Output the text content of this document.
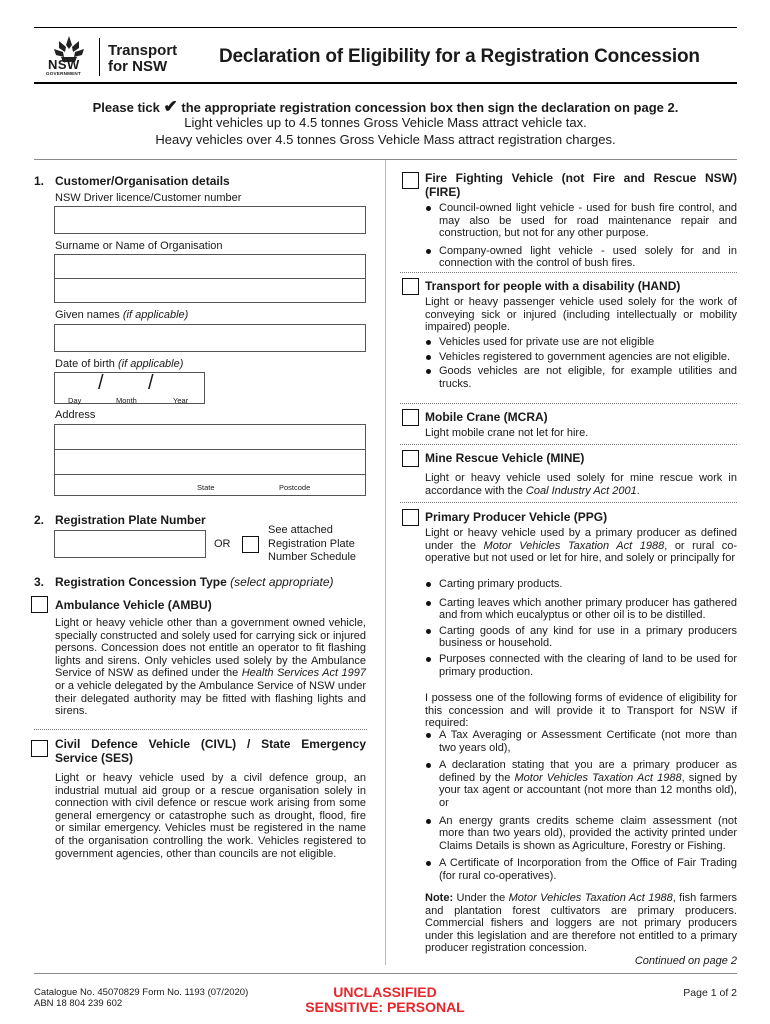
NSW
GOVERNMENT
Transport
for NSW	Declaration of Eligibility for a Registration Concession
Please tick ✔ the appropriate registration concession box then sign the declaration on page 2.
Light vehicles up to 4.5 tonnes Gross Vehicle Mass attract vehicle tax.
Heavy vehicles over 4.5 tonnes Gross Vehicle Mass attract registration charges.
1. Customer/Organisation details
NSW Driver licence/Customer number
Surname or Name of Organisation
Given names (if applicable)
Date of birth (if applicable)
/ /
Day	Month	Year
Address
State	Postcode
2. Registration Plate Number
OR
See attached
Registration Plate
Number Schedule
3. Registration Concession Type (select appropriate)
Ambulance Vehicle (AMBU)
Light or heavy vehicle other than a government owned vehicle, specially constructed and solely used for carrying sick or injured persons. Concession does not entitle an operator to fit flashing lights and sirens. Only vehicles used solely by the Ambulance Service of NSW as defined under the Health Services Act 1997 or a vehicle delegated by the Ambulance Service of NSW under their delegated authority may be fitted with flashing lights and sirens.
Civil Defence Vehicle (CIVL) / State Emergency Service (SES)
Light or heavy vehicle used by a civil defence group, an industrial mutual aid group or a rescue organisation solely in connection with civil defence or rescue work arising from some general emergency or catastrophe such as drought, flood, fire or similar emergency. Vehicles must be registered in the name of the organisation controlling the work. Vehicles registered to government agencies, other than councils are not eligible.
Fire Fighting Vehicle (not Fire and Rescue NSW) (FIRE)
Council-owned light vehicle - used for bush fire control, and may also be used for road maintenance repair and construction, but not for any other purpose.
Company-owned light vehicle - used solely for and in connection with the control of bush fires.
Transport for people with a disability (HAND)
Light or heavy passenger vehicle used solely for the work of conveying sick or injured (including intellectually or mobility impaired) people.
Vehicles used for private use are not eligible
Vehicles registered to government agencies are not eligible.
Goods vehicles are not eligible, for example utilities and trucks.
Mobile Crane (MCRA)
Light mobile crane not let for hire.
Mine Rescue Vehicle (MINE)
Light or heavy vehicle used solely for mine rescue work in accordance with the Coal Industry Act 2001.
Primary Producer Vehicle (PPG)
Light or heavy vehicle used by a primary producer as defined under the Motor Vehicles Taxation Act 1988, or rural co-operative but not used or let for hire, and solely or principally for
Carting primary products.
Carting leaves which another primary producer has gathered and from which eucalyptus or other oil is to be distilled.
Carting goods of any kind for use in a primary producers business or household.
Purposes connected with the clearing of land to be used for primary production.
I possess one of the following forms of evidence of eligibility for this concession and will provide it to Transport for NSW if required:
A Tax Averaging or Assessment Certificate (not more than two years old),
A declaration stating that you are a primary producer as defined by the Motor Vehicles Taxation Act 1988, signed by your tax agent or accountant (not more than 12 months old), or
An energy grants credits scheme claim assessment (not more than two years old), provided the activity printed under Claims Details is shown as Agriculture, Forestry or Fishing.
A Certificate of Incorporation from the Office of Fair Trading (for rural co-operatives).
Note: Under the Motor Vehicles Taxation Act 1988, fish farmers and plantation forest cultivators are primary producers. Commercial fishers and loggers are not primary producers under this legislation and are therefore not entitled to a primary producer registration concession.
Continued on page 2
Catalogue No. 45070829 Form No. 1193 (07/2020)
ABN 18 804 239 602
UNCLASSIFIED
SENSITIVE: PERSONAL
Page 1 of 2
